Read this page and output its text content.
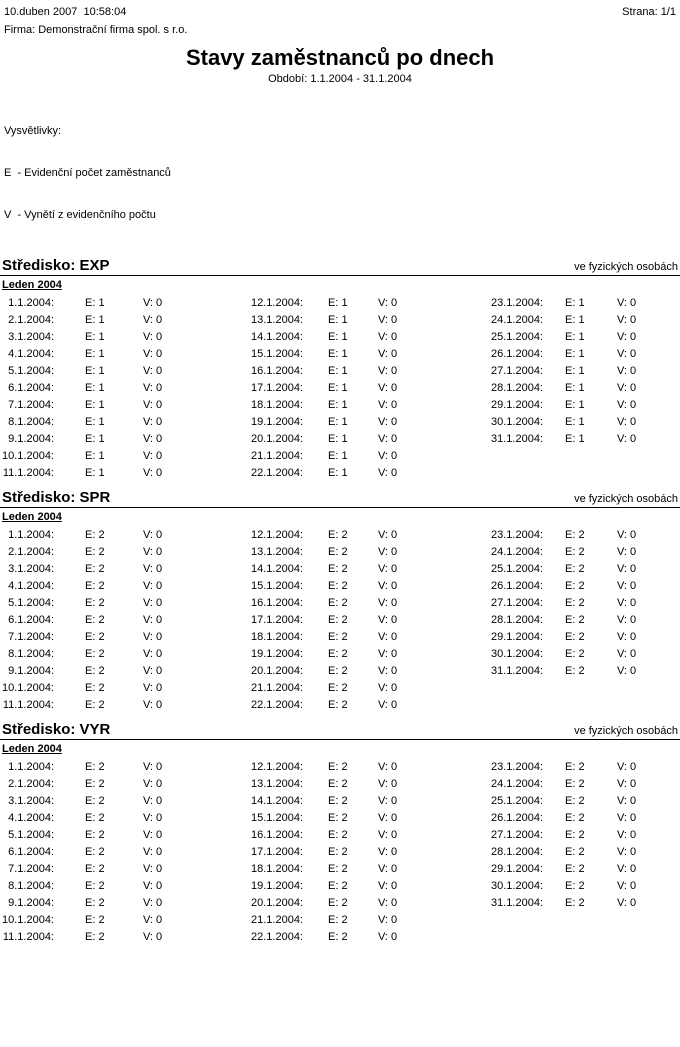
10.duben 2007  10:58:04	Strana: 1/1
Firma: Demonstrační firma spol. s r.o.
Stavy zaměstnanců po dnech
Období: 1.1.2004 - 31.1.2004

Vysvětlivky:

E  - Evidenční počet zaměstnanců

V  - Vynětí z evidenčního počtu

Středisko: EXP	ve fyzických osobách
Leden 2004
1.1.2004:	E: 1	V: 0	12.1.2004:	E: 1	V: 0	23.1.2004:	E: 1	V: 0
2.1.2004:	E: 1	V: 0	13.1.2004:	E: 1	V: 0	24.1.2004:	E: 1	V: 0
3.1.2004:	E: 1	V: 0	14.1.2004:	E: 1	V: 0	25.1.2004:	E: 1	V: 0
4.1.2004:	E: 1	V: 0	15.1.2004:	E: 1	V: 0	26.1.2004:	E: 1	V: 0
5.1.2004:	E: 1	V: 0	16.1.2004:	E: 1	V: 0	27.1.2004:	E: 1	V: 0
6.1.2004:	E: 1	V: 0	17.1.2004:	E: 1	V: 0	28.1.2004:	E: 1	V: 0
7.1.2004:	E: 1	V: 0	18.1.2004:	E: 1	V: 0	29.1.2004:	E: 1	V: 0
8.1.2004:	E: 1	V: 0	19.1.2004:	E: 1	V: 0	30.1.2004:	E: 1	V: 0
9.1.2004:	E: 1	V: 0	20.1.2004:	E: 1	V: 0	31.1.2004:	E: 1	V: 0
10.1.2004:	E: 1	V: 0	21.1.2004:	E: 1	V: 0			
11.1.2004:	E: 1	V: 0	22.1.2004:	E: 1	V: 0			
Středisko: SPR	ve fyzických osobách
Leden 2004
1.1.2004:	E: 2	V: 0	12.1.2004:	E: 2	V: 0	23.1.2004:	E: 2	V: 0
2.1.2004:	E: 2	V: 0	13.1.2004:	E: 2	V: 0	24.1.2004:	E: 2	V: 0
3.1.2004:	E: 2	V: 0	14.1.2004:	E: 2	V: 0	25.1.2004:	E: 2	V: 0
4.1.2004:	E: 2	V: 0	15.1.2004:	E: 2	V: 0	26.1.2004:	E: 2	V: 0
5.1.2004:	E: 2	V: 0	16.1.2004:	E: 2	V: 0	27.1.2004:	E: 2	V: 0
6.1.2004:	E: 2	V: 0	17.1.2004:	E: 2	V: 0	28.1.2004:	E: 2	V: 0
7.1.2004:	E: 2	V: 0	18.1.2004:	E: 2	V: 0	29.1.2004:	E: 2	V: 0
8.1.2004:	E: 2	V: 0	19.1.2004:	E: 2	V: 0	30.1.2004:	E: 2	V: 0
9.1.2004:	E: 2	V: 0	20.1.2004:	E: 2	V: 0	31.1.2004:	E: 2	V: 0
10.1.2004:	E: 2	V: 0	21.1.2004:	E: 2	V: 0			
11.1.2004:	E: 2	V: 0	22.1.2004:	E: 2	V: 0			
Středisko: VYR	ve fyzických osobách
Leden 2004
1.1.2004:	E: 2	V: 0	12.1.2004:	E: 2	V: 0	23.1.2004:	E: 2	V: 0
2.1.2004:	E: 2	V: 0	13.1.2004:	E: 2	V: 0	24.1.2004:	E: 2	V: 0
3.1.2004:	E: 2	V: 0	14.1.2004:	E: 2	V: 0	25.1.2004:	E: 2	V: 0
4.1.2004:	E: 2	V: 0	15.1.2004:	E: 2	V: 0	26.1.2004:	E: 2	V: 0
5.1.2004:	E: 2	V: 0	16.1.2004:	E: 2	V: 0	27.1.2004:	E: 2	V: 0
6.1.2004:	E: 2	V: 0	17.1.2004:	E: 2	V: 0	28.1.2004:	E: 2	V: 0
7.1.2004:	E: 2	V: 0	18.1.2004:	E: 2	V: 0	29.1.2004:	E: 2	V: 0
8.1.2004:	E: 2	V: 0	19.1.2004:	E: 2	V: 0	30.1.2004:	E: 2	V: 0
9.1.2004:	E: 2	V: 0	20.1.2004:	E: 2	V: 0	31.1.2004:	E: 2	V: 0
10.1.2004:	E: 2	V: 0	21.1.2004:	E: 2	V: 0			
11.1.2004:	E: 2	V: 0	22.1.2004:	E: 2	V: 0			
